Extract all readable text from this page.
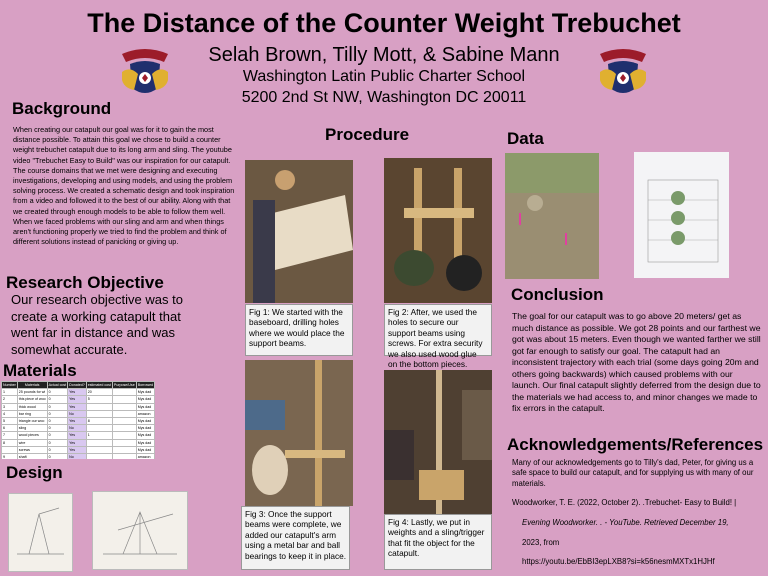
The Distance of the Counter Weight Trebuchet
Selah Brown, Tilly Mott, & Sabine Mann
Washington Latin Public Charter School
5200 2nd St NW, Washington DC 20011
Background
When creating our catapult our goal was for it to gain the most distance possible. To attain this goal we chose to build a counter weight trebuchet catapult due to its long arm and sling. The youtube video "Trebuchet Easy to Build" was our inspiration for our catapult. The course domains that we met were designing and executing investigations, developing and using models, and using the problem solving process. We created a schematic design and took inspiration from a video and followed it to the best of our ability. Along with that we created through enough models to be able to follow them well. When we faced problems with our sling and arm and when things aren't functioning properly we tried to find the problem and think of different solutions instead of panicking or giving up.
Research Objective
Our research objective was to create a working catapult that went far in distance and was somewhat accurate.
Materials
Number	Materials	Actual cost	Donated?	estimated cost	Purpose/Use	Borrowed
1	25 pounds for wi	0	Yes	20		Mys dad
2	this piece of woo	0	Yes	5		Mys dad
3	thick wood	0	Yes			Mys dad
4	bar ring	0	No			amazon
5	triangle our woo	0	Yes	8		Mys dad
6	sling	0	No			Mys dad
7	wood pieces	0	Yes	1		Mys dad
8	wire	0	Yes			Mys dad
	screws	0	Yes			Mys dad
9	shaft	0	No			amazon

Design
Procedure
Fig 1: We started with the baseboard, drilling holes where we would place the support beams.
Fig 2: After, we used the holes to secure our support beams using screws. For extra security we also used wood glue on the bottom pieces.
Fig 3: Once the support beams were complete, we added our catapult's arm using a metal bar and ball bearings to keep it in place.
Fig 4: Lastly, we put in weights and a sling/trigger that fit the object for the catapult.
Data
Conclusion
The goal for our catapult was to go above 20 meters/ get as much distance as possible. We got 28 points and our farthest we got was about 15 meters. Even though we wanted farther we still got far enough to satisfy our goal. The catapult had an inconsistent trajectory with each trial (some days going 20m and others going backwards) which caused problems with our launch. Our final catapult slightly deferred from the design due to the materials we had access to, and minor changes we made to fix errors in the catapult.
Acknowledgements/References
Many of our acknowledgements go to Tilly's dad, Peter, for giving us a safe space to build our catapult, and for supplying us with many of our materials.
Woodworker, T. E. (2022, October 2). .Trebuchet- Easy to Build! |
Evening Woodworker. . - YouTube. Retrieved December 19,
2023, from
https://youtu.be/EbBI3epLXB8?si=k56nesmMXTx1HJHf
